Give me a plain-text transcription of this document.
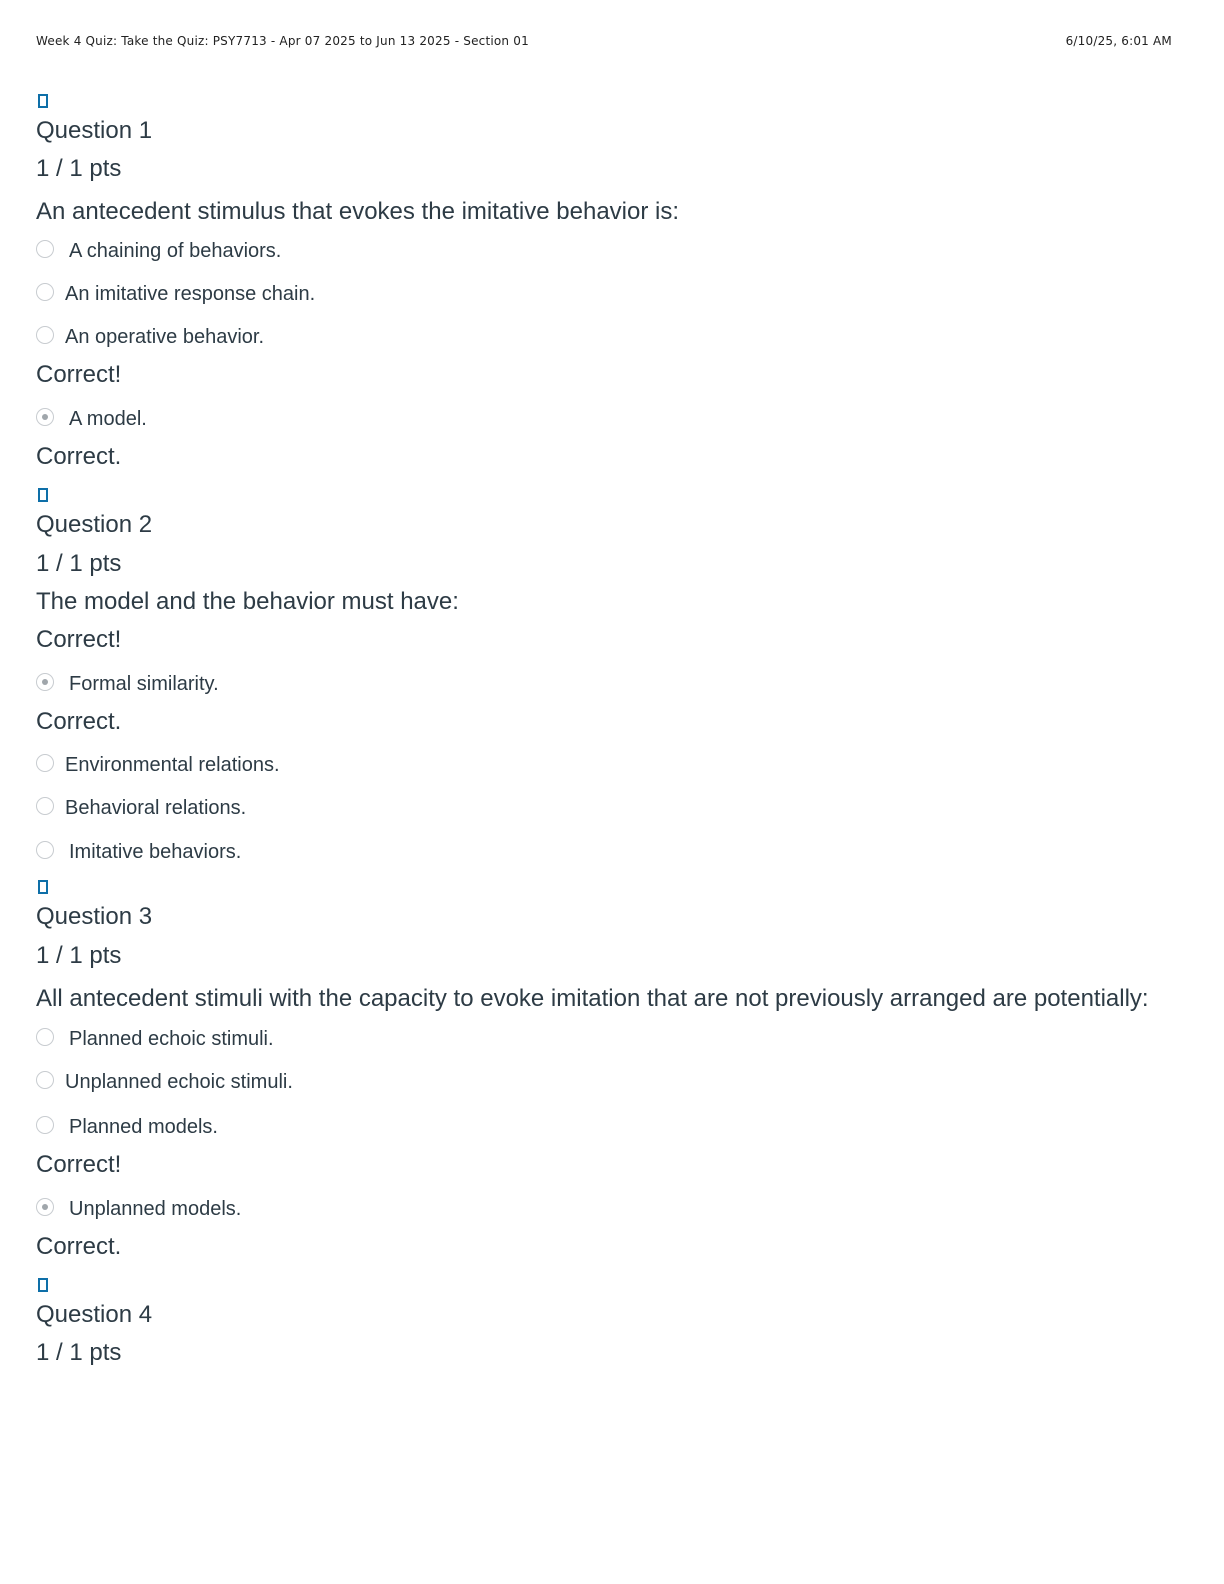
Week 4 Quiz: Take the Quiz: PSY7713 - Apr 07 2025 to Jun 13 2025 - Section 01	6/10/25, 6:01 AM
Question 1
1 / 1 pts
An antecedent stimulus that evokes the imitative behavior is:
A chaining of behaviors.
An imitative response chain.
An operative behavior.
Correct!
A model.
Correct.
Question 2
1 / 1 pts
The model and the behavior must have:
Correct!
Formal similarity.
Correct.
Environmental relations.
Behavioral relations.
Imitative behaviors.
Question 3
1 / 1 pts
All antecedent stimuli with the capacity to evoke imitation that are not previously arranged are potentially:
Planned echoic stimuli.
Unplanned echoic stimuli.
Planned models.
Correct!
Unplanned models.
Correct.
Question 4
1 / 1 pts
